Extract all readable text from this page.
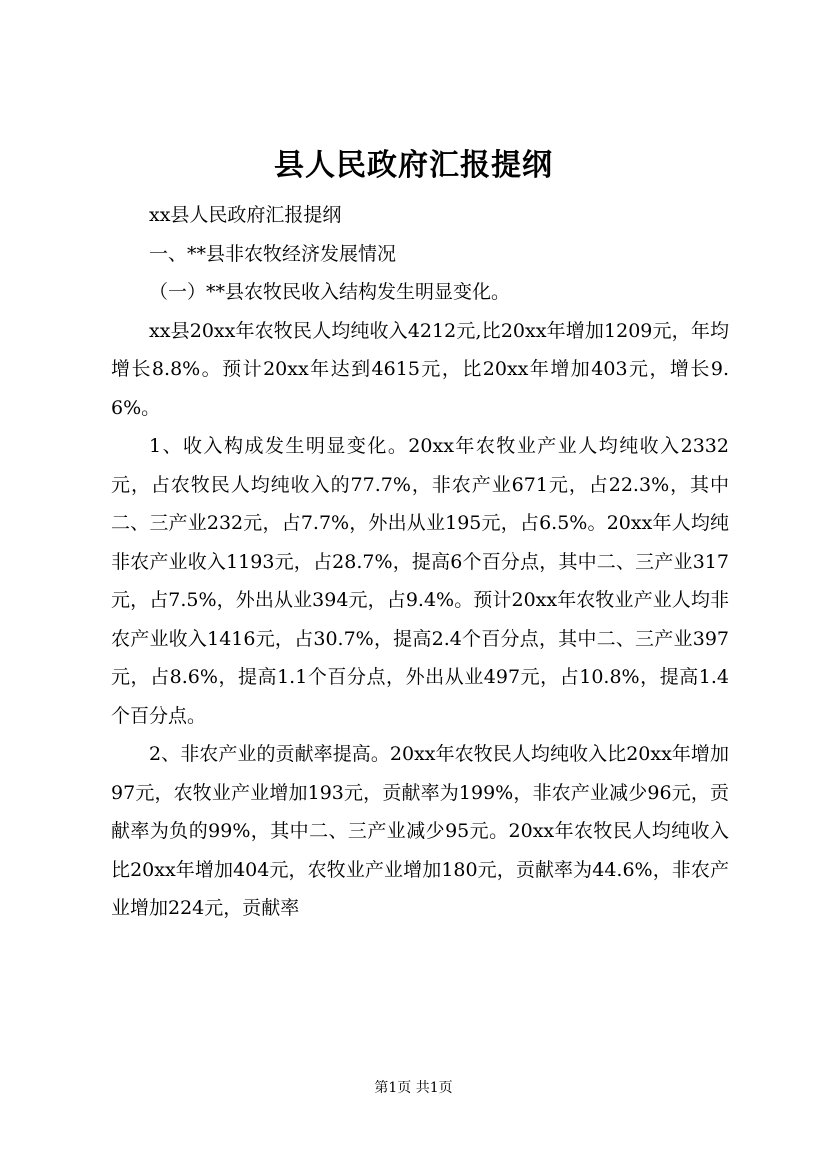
县人民政府汇报提纲

xx县人民政府汇报提纲

一、**县非农牧经济发展情况

（一）**县农牧民收入结构发生明显变化。

xx县20xx年农牧民人均纯收入4212元,比20xx年增加1209元，年均增长8.8%。预计20xx年达到4615元，比20xx年增加403元，增长9.6%。

1、收入构成发生明显变化。20xx年农牧业产业人均纯收入2332元，占农牧民人均纯收入的77.7%，非农产业671元，占22.3%，其中二、三产业232元，占7.7%，外出从业195元，占6.5%。20xx年人均纯非农产业收入1193元，占28.7%，提高6个百分点，其中二、三产业317元，占7.5%，外出从业394元，占9.4%。预计20xx年农牧业产业人均非农产业收入1416元，占30.7%，提高2.4个百分点，其中二、三产业397元，占8.6%，提高1.1个百分点，外出从业497元，占10.8%，提高1.4个百分点。

2、非农产业的贡献率提高。20xx年农牧民人均纯收入比20xx年增加97元，农牧业产业增加193元，贡献率为199%，非农产业减少96元，贡献率为负的99%，其中二、三产业减少95元。20xx年农牧民人均纯收入比20xx年增加404元，农牧业产业增加180元，贡献率为44.6%，非农产业增加224元，贡献率

第1页 共1页
